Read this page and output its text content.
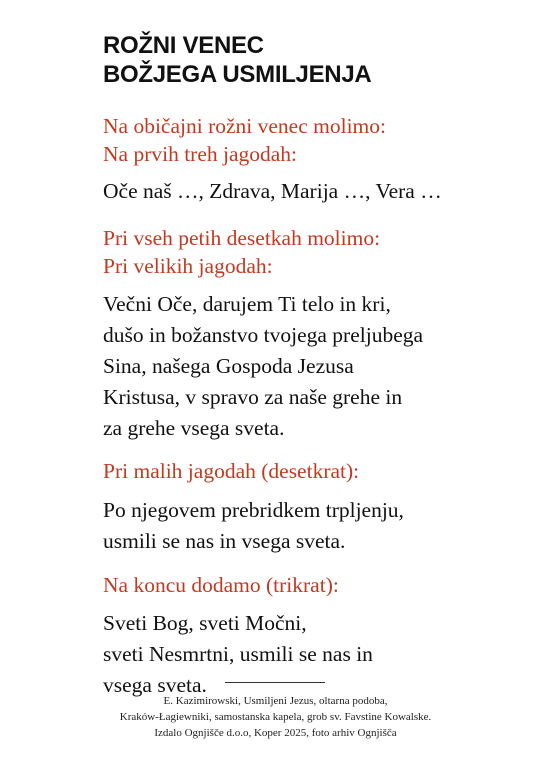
ROŽNI VENEC
BOŽJEGA USMILJENJA

Na običajni rožni venec molimo:
Na prvih treh jagodah:

Oče naš …, Zdrava, Marija …, Vera …

Pri vseh petih desetkah molimo:
Pri velikih jagodah:

Večni Oče, darujem Ti telo in kri,
dušo in božanstvo tvojega preljubega
Sina, našega Gospoda Jezusa
Kristusa, v spravo za naše grehe in
za grehe vsega sveta.

Pri malih jagodah (desetkrat):

Po njegovem prebridkem trpljenju,
usmili se nas in vsega sveta.

Na koncu dodamo (trikrat):

Sveti Bog, sveti Močni,
sveti Nesmrtni, usmili se nas in
vsega sveta.

E. Kazimirowski, Usmiljeni Jezus, oltarna podoba,
Kraków-Łagiewniki, samostanska kapela, grob sv. Favstine Kowalske.
Izdalo Ognjišče d.o.o, Koper 2025, foto arhiv Ognjišča
